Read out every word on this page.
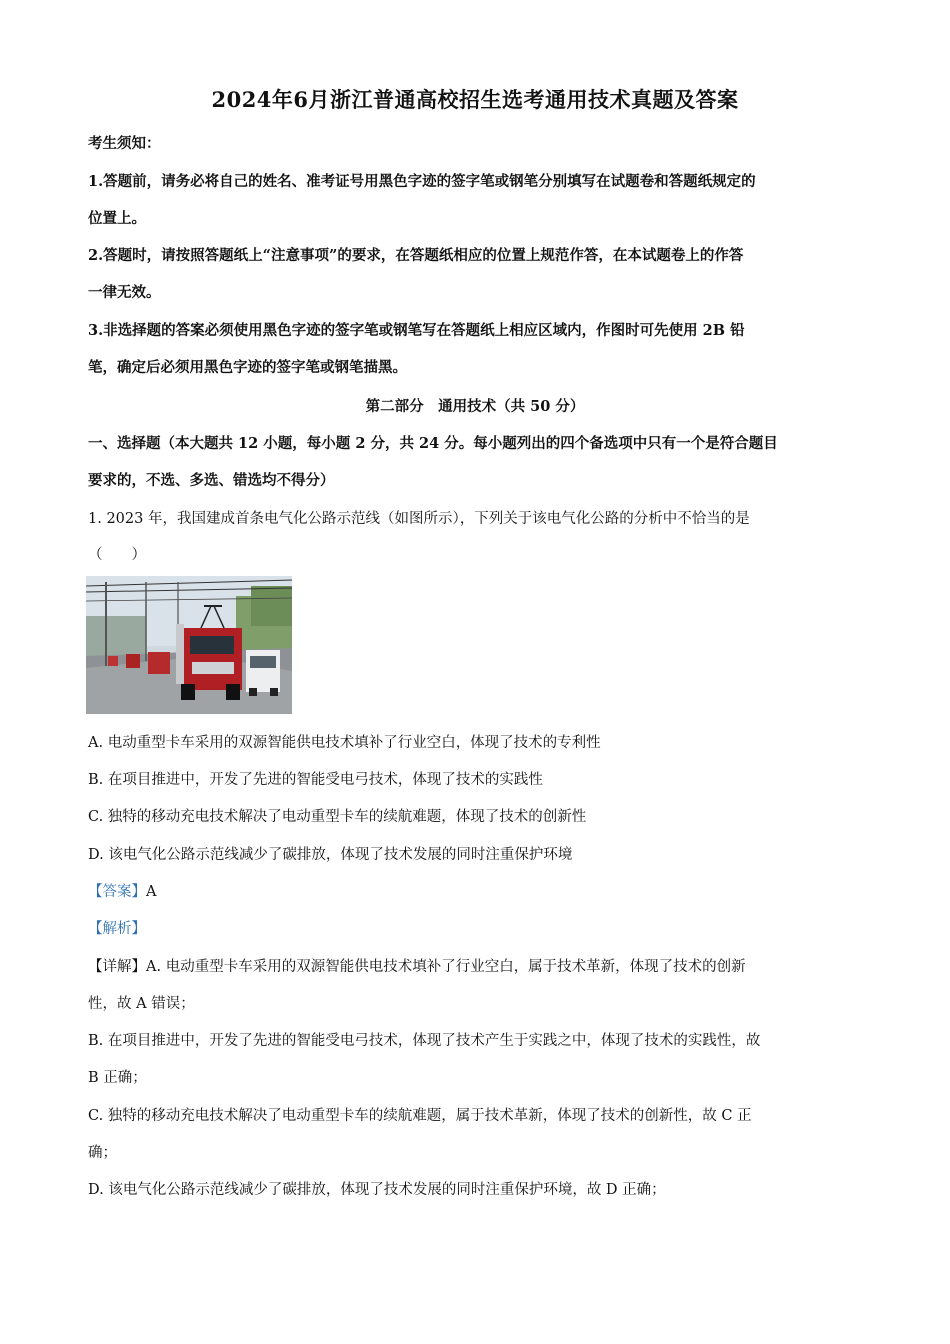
2024年6月浙江普通高校招生选考通用技术真题及答案
考生须知：
1.答题前，请务必将自己的姓名、准考证号用黑色字迹的签字笔或钢笔分别填写在试题卷和答题纸规定的
位置上。
2.答题时，请按照答题纸上“注意事项”的要求，在答题纸相应的位置上规范作答，在本试题卷上的作答
一律无效。
3.非选择题的答案必须使用黑色字迹的签字笔或钢笔写在答题纸上相应区域内，作图时可先使用 2B 铅
笔，确定后必须用黑色字迹的签字笔或钢笔描黑。
第二部分　通用技术（共 50 分）
一、选择题（本大题共 12 小题，每小题 2 分，共 24 分。每小题列出的四个备选项中只有一个是符合题目
要求的，不选、多选、错选均不得分）
1. 2023 年，我国建成首条电气化公路示范线（如图所示），下列关于该电气化公路的分析中不恰当的是
（　　）
A. 电动重型卡车采用的双源智能供电技术填补了行业空白，体现了技术的专利性
B. 在项目推进中，开发了先进的智能受电弓技术，体现了技术的实践性
C. 独特的移动充电技术解决了电动重型卡车的续航难题，体现了技术的创新性
D. 该电气化公路示范线减少了碳排放，体现了技术发展的同时注重保护环境
【答案】A
【解析】
【详解】A. 电动重型卡车采用的双源智能供电技术填补了行业空白，属于技术革新，体现了技术的创新
性，故 A 错误；
B. 在项目推进中，开发了先进的智能受电弓技术，体现了技术产生于实践之中，体现了技术的实践性，故
B 正确；
C. 独特的移动充电技术解决了电动重型卡车的续航难题，属于技术革新，体现了技术的创新性，故 C 正
确；
D. 该电气化公路示范线减少了碳排放，体现了技术发展的同时注重保护环境，故 D 正确；
